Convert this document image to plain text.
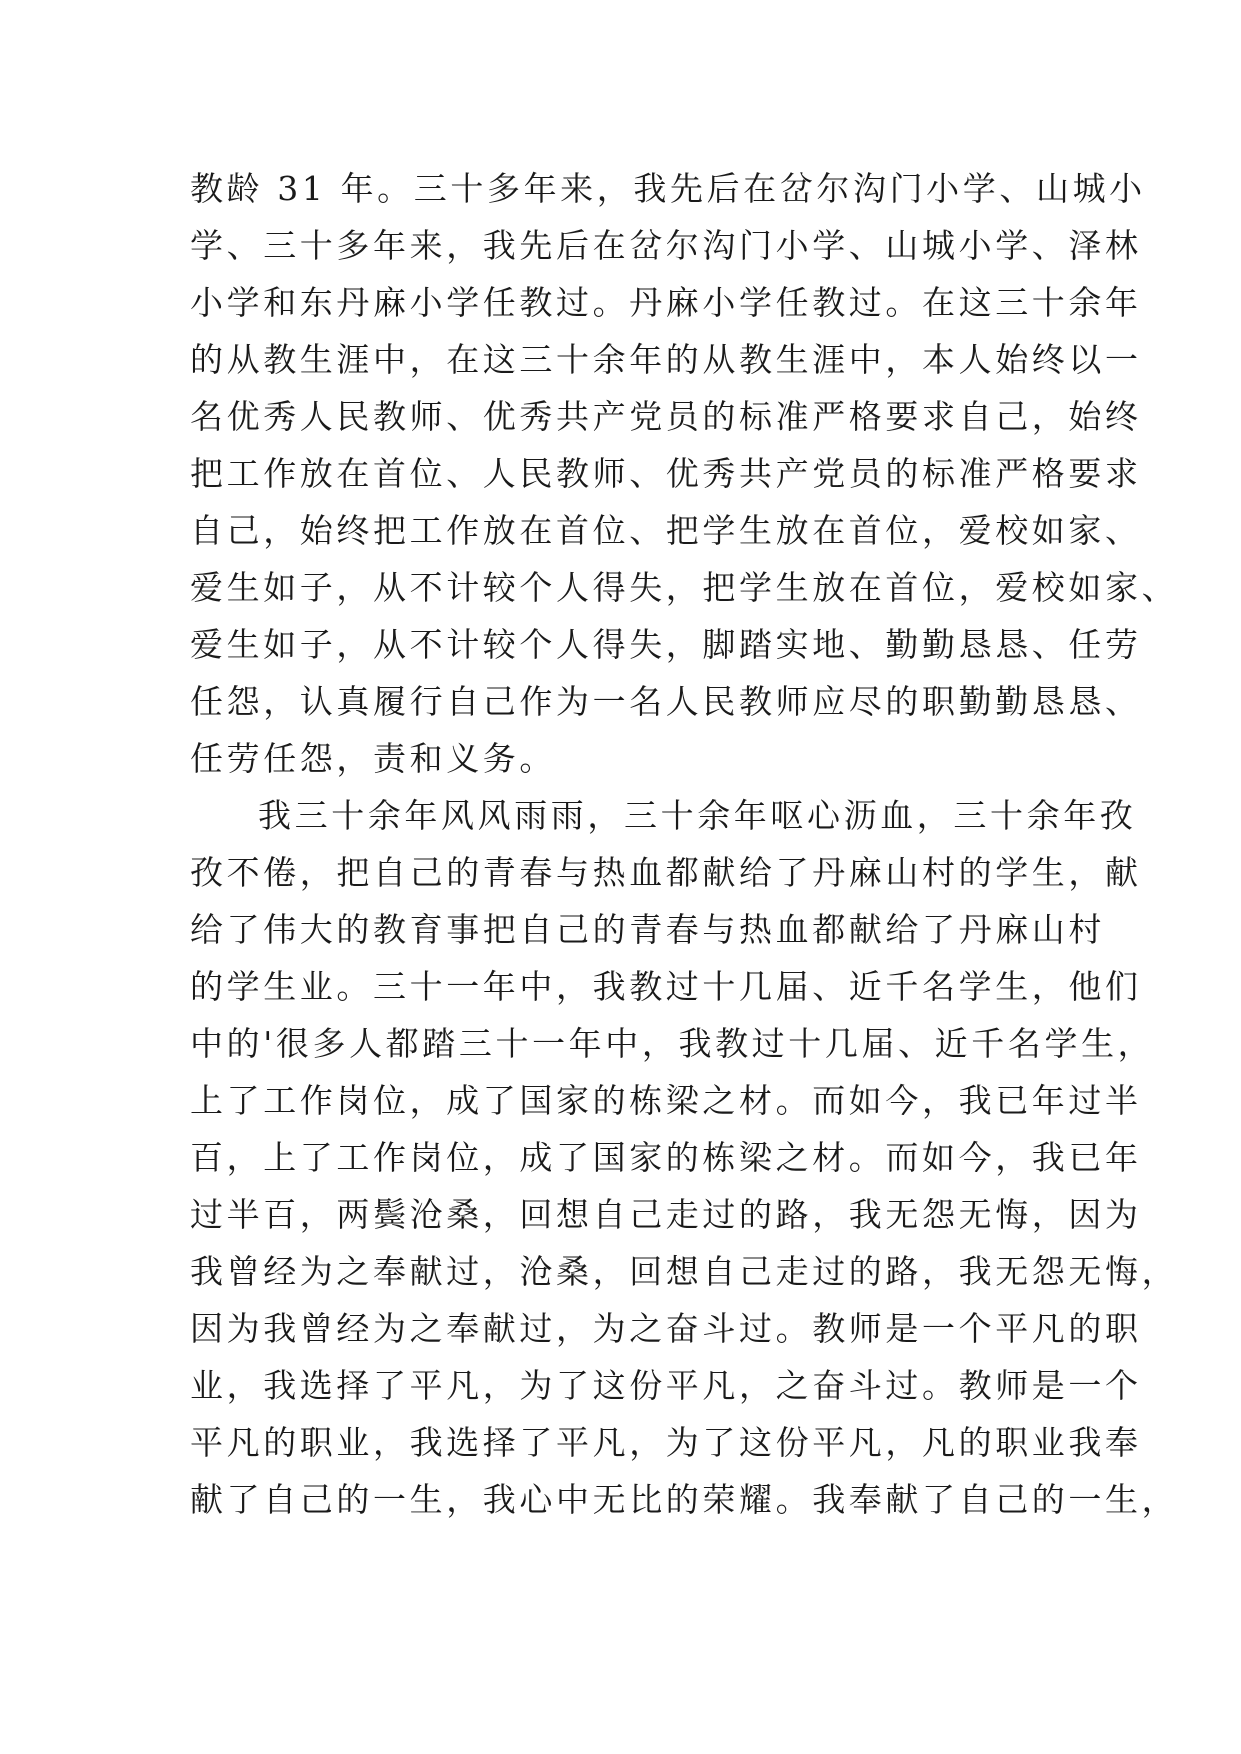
教龄 31 年。三十多年来，我先后在岔尔沟门小学、山城小
学、三十多年来，我先后在岔尔沟门小学、山城小学、泽林
小学和东丹麻小学任教过。丹麻小学任教过。在这三十余年
的从教生涯中，在这三十余年的从教生涯中，本人始终以一
名优秀人民教师、优秀共产党员的标准严格要求自己，始终
把工作放在首位、人民教师、优秀共产党员的标准严格要求
自己，始终把工作放在首位、把学生放在首位，爱校如家、
爱生如子，从不计较个人得失，把学生放在首位，爱校如家、
爱生如子，从不计较个人得失，脚踏实地、勤勤恳恳、任劳
任怨，认真履行自己作为一名人民教师应尽的职勤勤恳恳、
任劳任怨，责和义务。
我三十余年风风雨雨，三十余年呕心沥血，三十余年孜
孜不倦，把自己的青春与热血都献给了丹麻山村的学生，献
给了伟大的教育事把自己的青春与热血都献给了丹麻山村
的学生业。三十一年中，我教过十几届、近千名学生，他们
中的'很多人都踏三十一年中，我教过十几届、近千名学生，
上了工作岗位，成了国家的栋梁之材。而如今，我已年过半
百，上了工作岗位，成了国家的栋梁之材。而如今，我已年
过半百，两鬓沧桑，回想自己走过的路，我无怨无悔，因为
我曾经为之奉献过，沧桑，回想自己走过的路，我无怨无悔，
因为我曾经为之奉献过，为之奋斗过。教师是一个平凡的职
业，我选择了平凡，为了这份平凡，之奋斗过。教师是一个
平凡的职业，我选择了平凡，为了这份平凡，凡的职业我奉
献了自己的一生，我心中无比的荣耀。我奉献了自己的一生，
